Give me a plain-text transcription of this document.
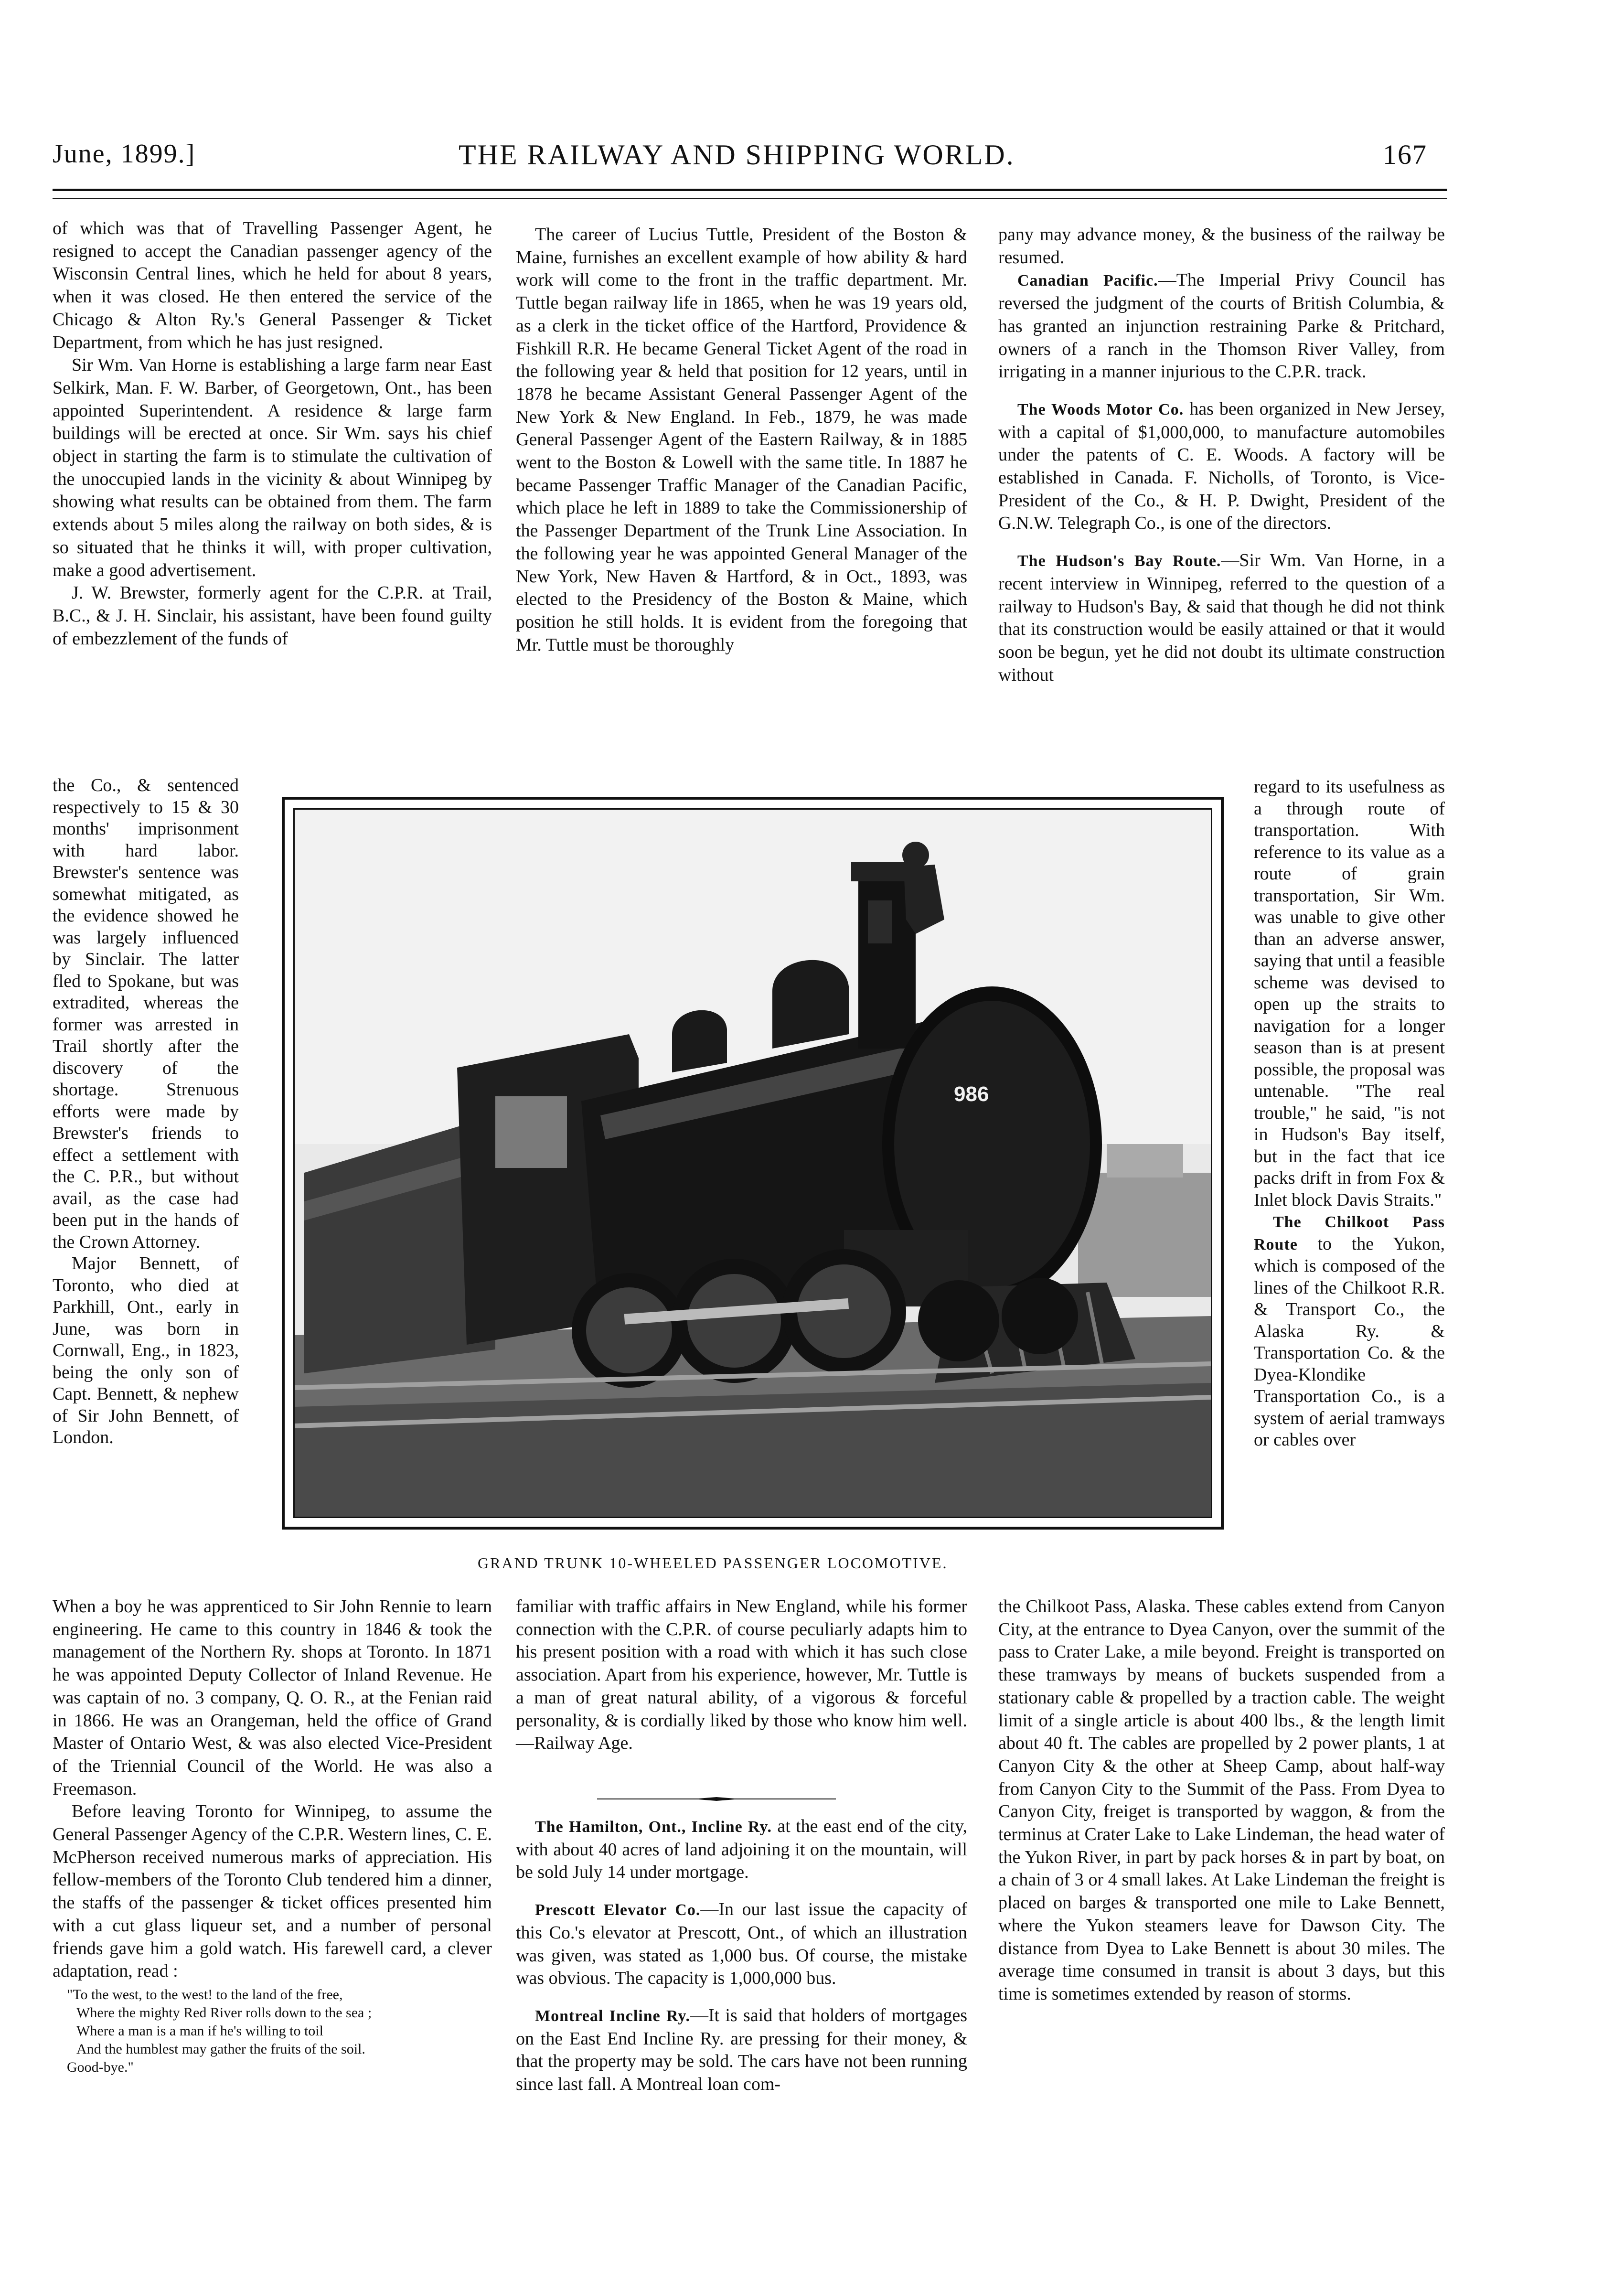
June, 1899.]	THE RAILWAY AND SHIPPING WORLD.	167

of which was that of Travelling Passenger Agent, he resigned to accept the Canadian passenger agency of the Wisconsin Central lines, which he held for about 8 years, when it was closed. He then entered the service of the Chicago & Alton Ry.'s General Passenger & Ticket Department, from which he has just resigned.

Sir Wm. Van Horne is establishing a large farm near East Selkirk, Man. F. W. Barber, of Georgetown, Ont., has been appointed Superintendent. A residence & large farm buildings will be erected at once. Sir Wm. says his chief object in starting the farm is to stimulate the cultivation of the unoccupied lands in the vicinity & about Winnipeg by showing what results can be obtained from them. The farm extends about 5 miles along the railway on both sides, & is so situated that he thinks it will, with proper cultivation, make a good advertisement.

J. W. Brewster, formerly agent for the C.P.R. at Trail, B.C., & J. H. Sinclair, his assistant, have been found guilty of embezzlement of the funds of

the Co., & sentenced respectively to 15 & 30 months' imprisonment with hard labor. Brewster's sentence was somewhat mitigated, as the evidence showed he was largely influenced by Sinclair. The latter fled to Spokane, but was extradited, whereas the former was arrested in Trail shortly after the discovery of the shortage. Strenuous efforts were made by Brewster's friends to effect a settlement with the C. P.R., but without avail, as the case had been put in the hands of the Crown Attorney.

Major Bennett, of Toronto, who died at Parkhill, Ont., early in June, was born in Cornwall, Eng., in 1823, being the only son of Capt. Bennett, & nephew of Sir John Bennett, of London.

When a boy he was apprenticed to Sir John Rennie to learn engineering. He came to this country in 1846 & took the management of the Northern Ry. shops at Toronto. In 1871 he was appointed Deputy Collector of Inland Revenue. He was captain of no. 3 company, Q. O. R., at the Fenian raid in 1866. He was an Orangeman, held the office of Grand Master of Ontario West, & was also elected Vice-President of the Triennial Council of the World. He was also a Freemason.

Before leaving Toronto for Winnipeg, to assume the General Passenger Agency of the C.P.R. Western lines, C. E. McPherson received numerous marks of appreciation. His fellow-members of the Toronto Club tendered him a dinner, the staffs of the passenger & ticket offices presented him with a cut glass liqueur set, and a number of personal friends gave him a gold watch. His farewell card, a clever adaptation, read :

"To the west, to the west! to the land of the free,
Where the mighty Red River rolls down to the sea ;
Where a man is a man if he's willing to toil
And the humblest may gather the fruits of the soil.
Good-bye."

The career of Lucius Tuttle, President of the Boston & Maine, furnishes an excellent example of how ability & hard work will come to the front in the traffic department. Mr. Tuttle began railway life in 1865, when he was 19 years old, as a clerk in the ticket office of the Hartford, Providence & Fishkill R.R. He became General Ticket Agent of the road in the following year & held that position for 12 years, until in 1878 he became Assistant General Passenger Agent of the New York & New England. In Feb., 1879, he was made General Passenger Agent of the Eastern Railway, & in 1885 went to the Boston & Lowell with the same title. In 1887 he became Passenger Traffic Manager of the Canadian Pacific, which place he left in 1889 to take the Commissionership of the Passenger Department of the Trunk Line Association. In the following year he was appointed General Manager of the New York, New Haven & Hartford, & in Oct., 1893, was elected to the Presidency of the Boston & Maine, which position he still holds. It is evident from the foregoing that Mr. Tuttle must be thoroughly

familiar with traffic affairs in New England, while his former connection with the C.P.R. of course peculiarly adapts him to his present position with a road with which it has such close association. Apart from his experience, however, Mr. Tuttle is a man of great natural ability, of a vigorous & forceful personality, & is cordially liked by those who know him well.—Railway Age.

The Hamilton, Ont., Incline Ry. at the east end of the city, with about 40 acres of land adjoining it on the mountain, will be sold July 14 under mortgage.

Prescott Elevator Co.—In our last issue the capacity of this Co.'s elevator at Prescott, Ont., of which an illustration was given, was stated as 1,000 bus. Of course, the mistake was obvious. The capacity is 1,000,000 bus.

Montreal Incline Ry.—It is said that holders of mortgages on the East End Incline Ry. are pressing for their money, & that the property may be sold. The cars have not been running since last fall. A Montreal loan com-

pany may advance money, & the business of the railway be resumed.

Canadian Pacific.—The Imperial Privy Council has reversed the judgment of the courts of British Columbia, & has granted an injunction restraining Parke & Pritchard, owners of a ranch in the Thomson River Valley, from irrigating in a manner injurious to the C.P.R. track.

The Woods Motor Co. has been organized in New Jersey, with a capital of $1,000,000, to manufacture automobiles under the patents of C. E. Woods. A factory will be established in Canada. F. Nicholls, of Toronto, is Vice-President of the Co., & H. P. Dwight, President of the G.N.W. Telegraph Co., is one of the directors.

The Hudson's Bay Route.—Sir Wm. Van Horne, in a recent interview in Winnipeg, referred to the question of a railway to Hudson's Bay, & said that though he did not think that its construction would be easily attained or that it would soon be begun, yet he did not doubt its ultimate construction without

regard to its usefulness as a through route of transportation. With reference to its value as a route of grain transportation, Sir Wm. was unable to give other than an adverse answer, saying that until a feasible scheme was devised to open up the straits to navigation for a longer season than is at present possible, the proposal was untenable. "The real trouble," he said, "is not in Hudson's Bay itself, but in the fact that ice packs drift in from Fox & Inlet block Davis Straits."

The Chilkoot Pass Route to the Yukon, which is composed of the lines of the Chilkoot R.R. & Transport Co., the Alaska Ry. & Transportation Co. & the Dyea-Klondike Transportation Co., is a system of aerial tramways or cables over

the Chilkoot Pass, Alaska. These cables extend from Canyon City, at the entrance to Dyea Canyon, over the summit of the pass to Crater Lake, a mile beyond. Freight is transported on these tramways by means of buckets suspended from a stationary cable & propelled by a traction cable. The weight limit of a single article is about 400 lbs., & the length limit about 40 ft. The cables are propelled by 2 power plants, 1 at Canyon City & the other at Sheep Camp, about half-way from Canyon City to the Summit of the Pass. From Dyea to Canyon City, freiget is transported by waggon, & from the terminus at Crater Lake to Lake Lindeman, the head water of the Yukon River, in part by pack horses & in part by boat, on a chain of 3 or 4 small lakes. At Lake Lindeman the freight is placed on barges & transported one mile to Lake Bennett, where the Yukon steamers leave for Dawson City. The distance from Dyea to Lake Bennett is about 30 miles. The average time consumed in transit is about 3 days, but this time is sometimes extended by reason of storms.

986
GRAND TRUNK 10-WHEELED PASSENGER LOCOMOTIVE.
